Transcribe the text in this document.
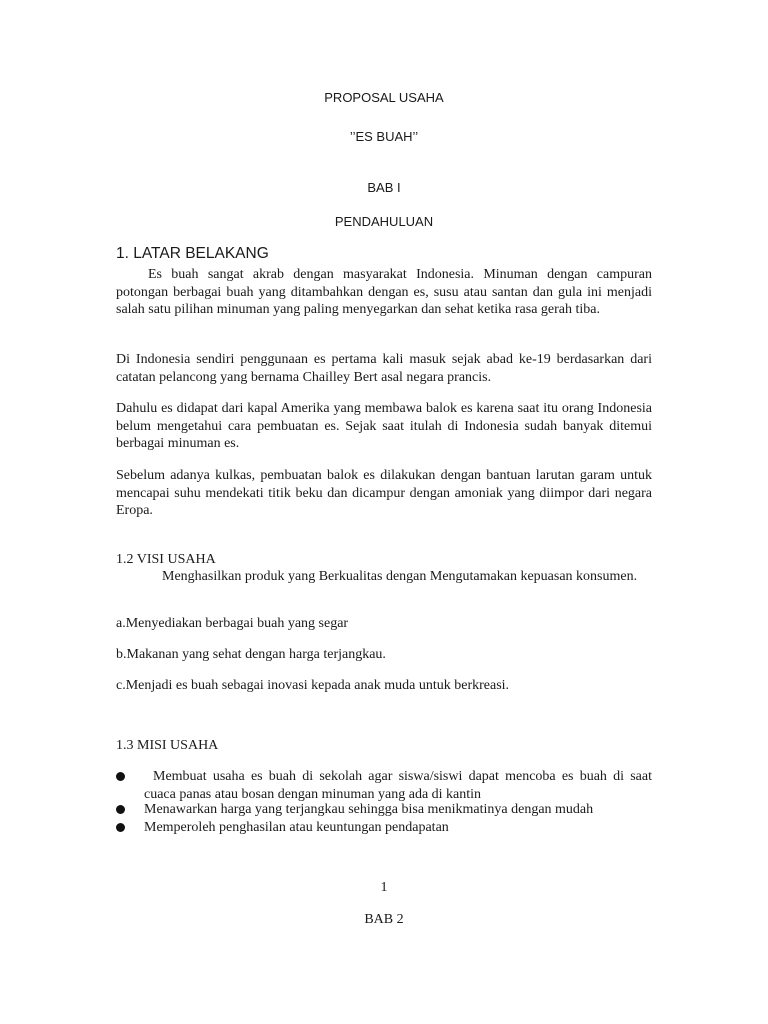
PROPOSAL USAHA
’’ES BUAH’’
BAB I
PENDAHULUAN
1. LATAR BELAKANG

Es buah sangat akrab dengan masyarakat Indonesia. Minuman dengan campuran potongan berbagai buah yang ditambahkan dengan es, susu atau santan dan gula ini menjadi salah satu pilihan minuman yang paling menyegarkan dan sehat ketika rasa gerah tiba.

Di Indonesia sendiri penggunaan es pertama kali masuk sejak abad ke-19 berdasarkan dari catatan pelancong yang bernama Chailley Bert asal negara prancis.

Dahulu es didapat dari kapal Amerika yang membawa balok es karena saat itu orang Indonesia belum mengetahui cara pembuatan es. Sejak saat itulah di Indonesia sudah banyak ditemui berbagai minuman es.

Sebelum adanya kulkas, pembuatan balok es dilakukan dengan bantuan larutan garam untuk mencapai suhu mendekati titik beku dan dicampur dengan amoniak yang diimpor dari negara Eropa.

1.2 VISI USAHA

Menghasilkan produk yang Berkualitas dengan Mengutamakan kepuasan konsumen.

a.Menyediakan berbagai buah yang segar
b.Makanan yang sehat dengan harga terjangkau.
c.Menjadi es buah sebagai inovasi kepada anak muda untuk berkreasi.
1.3 MISI USAHA
Membuat usaha es buah di sekolah agar siswa/siswi dapat mencoba es buah di saat cuaca panas atau bosan dengan minuman yang ada di kantin
Menawarkan harga yang terjangkau sehingga bisa menikmatinya dengan mudah
Memperoleh penghasilan atau keuntungan pendapatan
1
BAB 2
